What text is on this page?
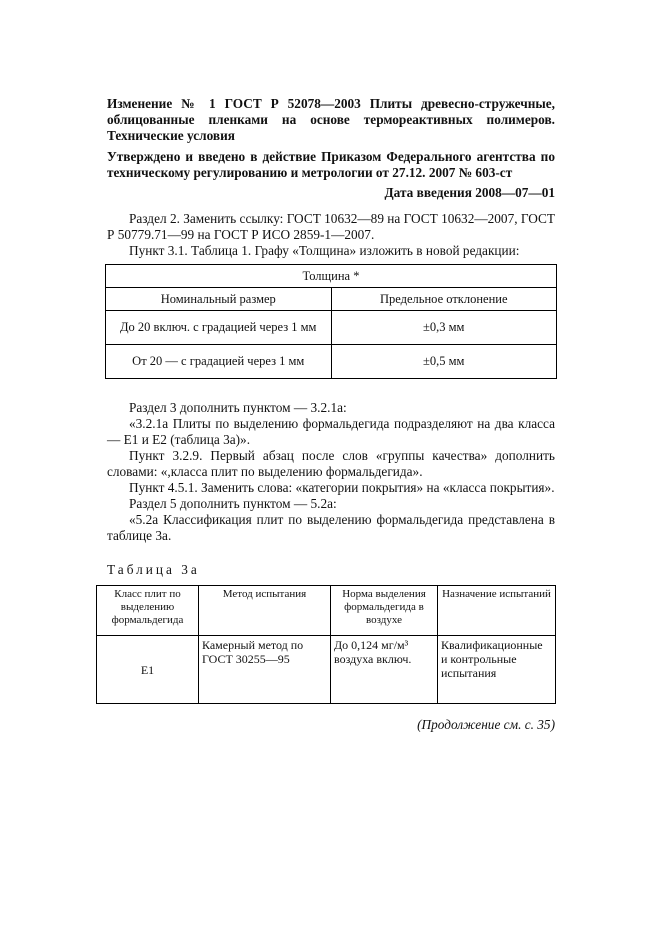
Изменение № 1 ГОСТ Р 52078—2003 Плиты древесно-стружечные, облицованные пленками на основе термореактивных полимеров. Технические условия
Утверждено и введено в действие Приказом Федерального агентства по техническому регулированию и метрологии от 27.12. 2007 № 603-ст
Дата введения 2008—07—01

Раздел 2. Заменить ссылку: ГОСТ 10632—89 на ГОСТ 10632—2007, ГОСТ Р 50779.71—99 на ГОСТ Р ИСО 2859-1—2007.

Пункт 3.1. Таблица 1. Графу «Толщина» изложить в новой редакции:

Толщина *	
Номинальный размер	Предельное отклонение
До 20 включ. с градацией через 1 мм	±0,3 мм
От 20 — с градацией через 1 мм	±0,5 мм

Раздел 3 дополнить пунктом — 3.2.1а:

«3.2.1а Плиты по выделению формальдегида подразделяют на два класса — Е1 и Е2 (таблица 3а)».

Пункт 3.2.9. Первый абзац после слов «группы качества» дополнить словами: «,класса плит по выделению формальдегида».

Пункт 4.5.1. Заменить слова: «категории покрытия» на «класса покрытия».

Раздел 5 дополнить пунктом — 5.2а:

«5.2а Классификация плит по выделению формальдегида представлена в таблице 3а.

Таблица 3а
Класс плит по выделению формальдегида	Метод испытания	Норма выделения формальдегида в воздухе	Назначение испытаний
Е1	Камерный метод по ГОСТ 30255—95	До 0,124 мг/м³ воздуха включ.	Квалификационные и контрольные испытания
(Продолжение см. с. 35)
